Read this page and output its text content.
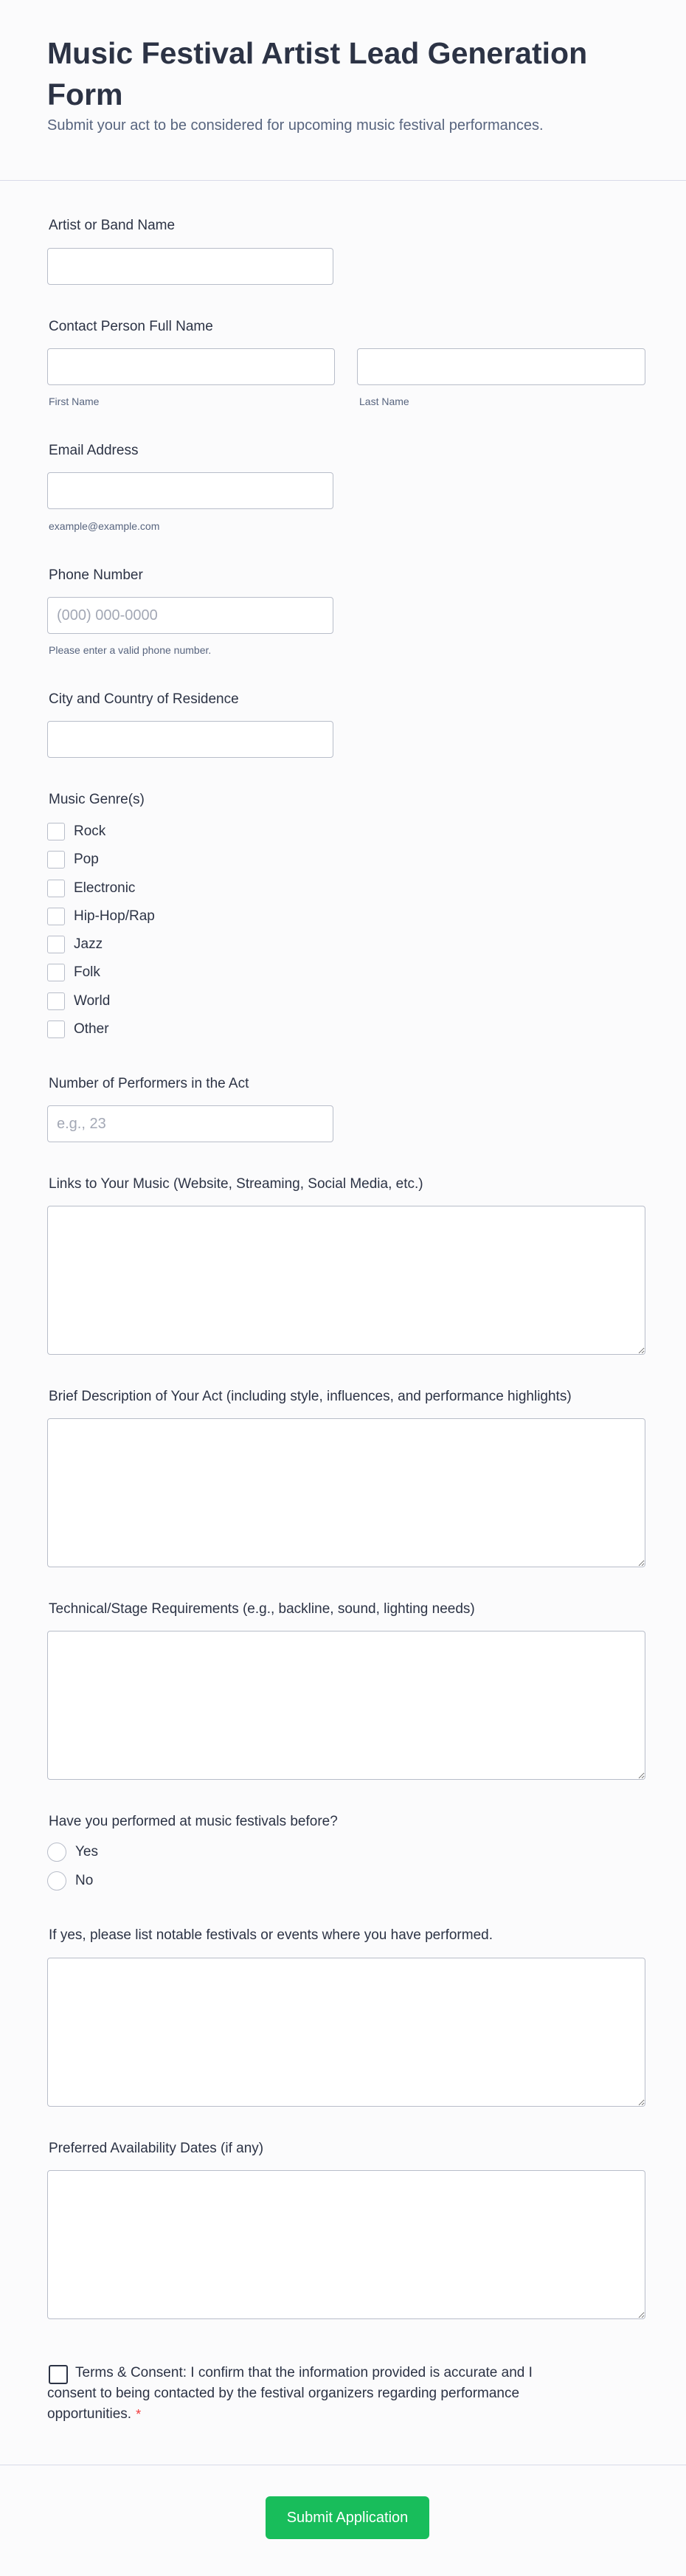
Music Festival Artist Lead Generation Form
Submit your act to be considered for upcoming music festival performances.
Artist or Band Name
Contact Person Full Name
First Name	Last Name
Email Address
example@example.com
Phone Number
(000) 000-0000
Please enter a valid phone number.
City and Country of Residence
Music Genre(s)
Rock
Pop
Electronic
Hip-Hop/Rap
Jazz
Folk
World
Other
Number of Performers in the Act
e.g., 23
Links to Your Music (Website, Streaming, Social Media, etc.)
Brief Description of Your Act (including style, influences, and performance highlights)
Technical/Stage Requirements (e.g., backline, sound, lighting needs)
Have you performed at music festivals before?
Yes
No
If yes, please list notable festivals or events where you have performed.
Preferred Availability Dates (if any)
Terms & Consent: I confirm that the information provided is accurate and I consent to being contacted by the festival organizers regarding performance opportunities. *
Submit Application
